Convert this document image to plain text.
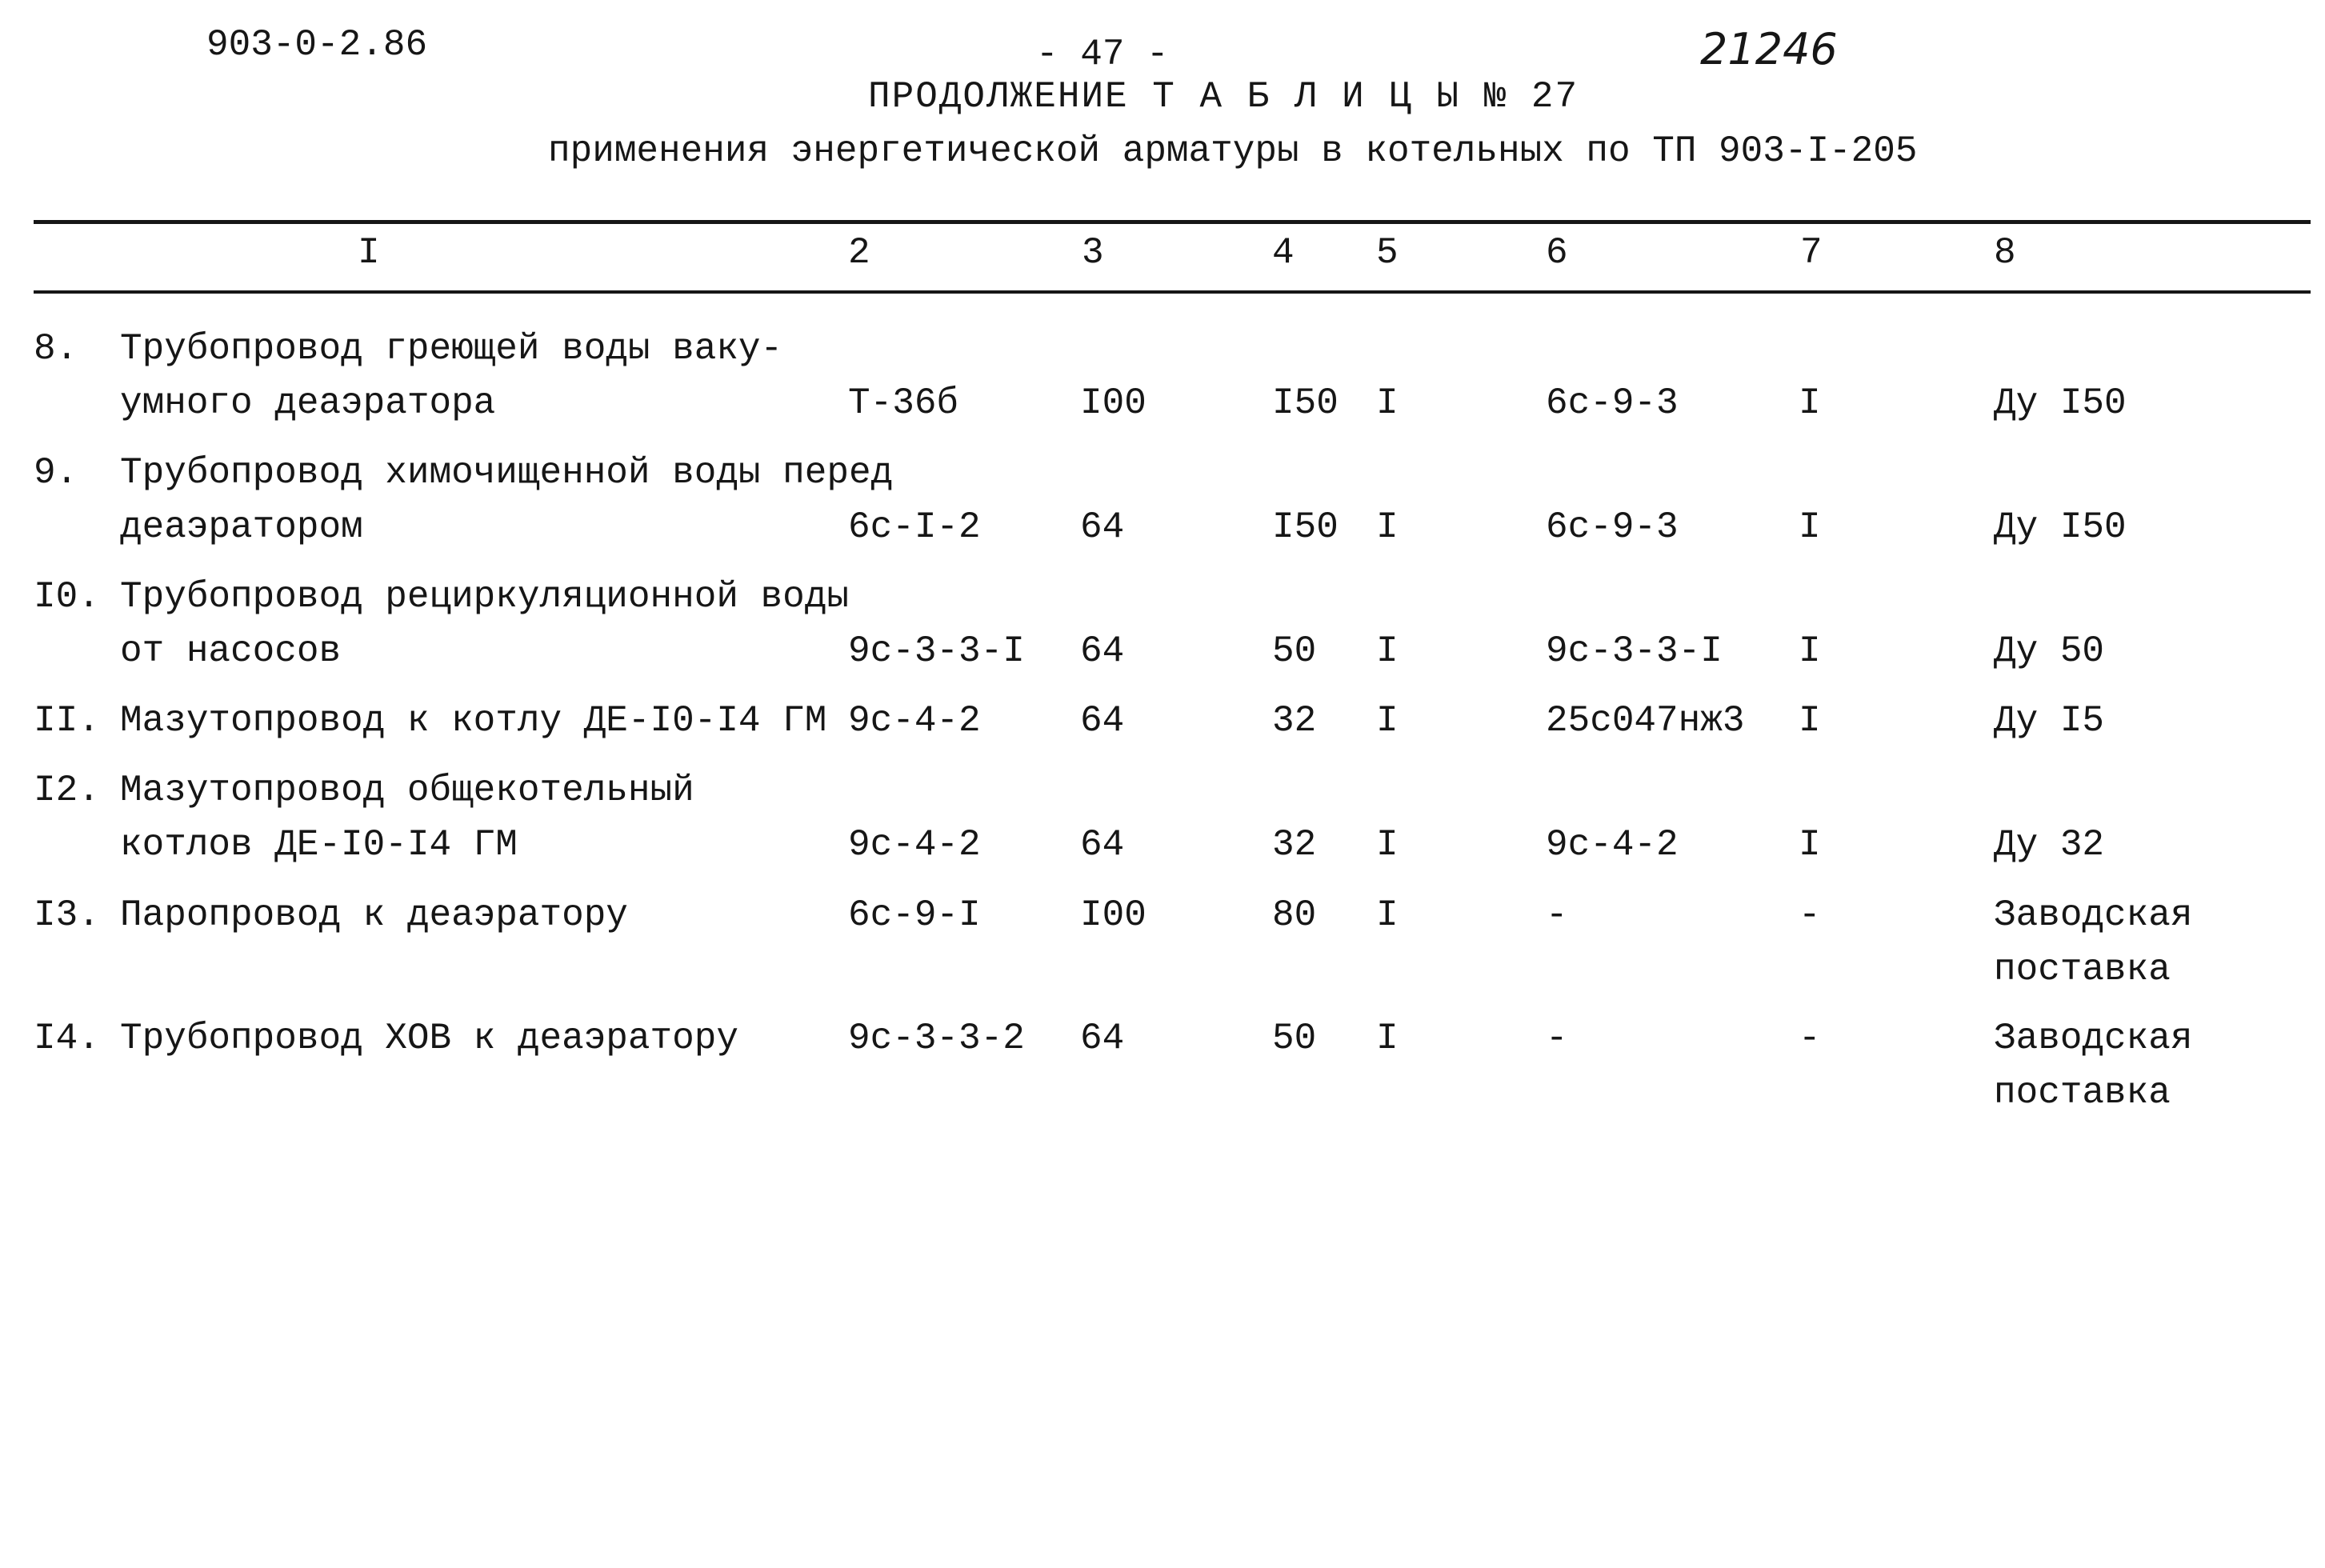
903-0-2.86	- 47 -	21246
ПРОДОЛЖЕНИЕ Т А Б Л И Ц Ы № 27
применения энергетической арматуры в котельных по ТП 903-I-205
I	2	3	4 5	6	7	8
8. Трубопровод греющей воды ваку-
умного деаэратора	Т-36б	I00	I50 I	6с-9-3	I	Ду I50
9. Трубопровод химочищенной воды перед
деаэратором	6с-I-2	64	I50 I	6с-9-3	I	Ду I50
I0. Трубопровод рециркуляционной воды
от насосов	9с-3-3-I 64	50 I	9с-3-3-I I	Ду 50
II. Мазутопровод к котлу ДЕ-I0-I4 ГМ 9с-4-2	64	32 I	25с047нж3 I	Ду I5
I2. Мазутопровод общекотельный
котлов ДЕ-I0-I4 ГМ	9с-4-2	64	32 I	9с-4-2	I	Ду 32
I3. Паропровод к деаэратору	6с-9-I	I00	80 I	-	-	Заводская
поставка
I4. Трубопровод ХОВ к деаэратору	9с-3-3-2 64	50 I	-	-	Заводская
поставка
